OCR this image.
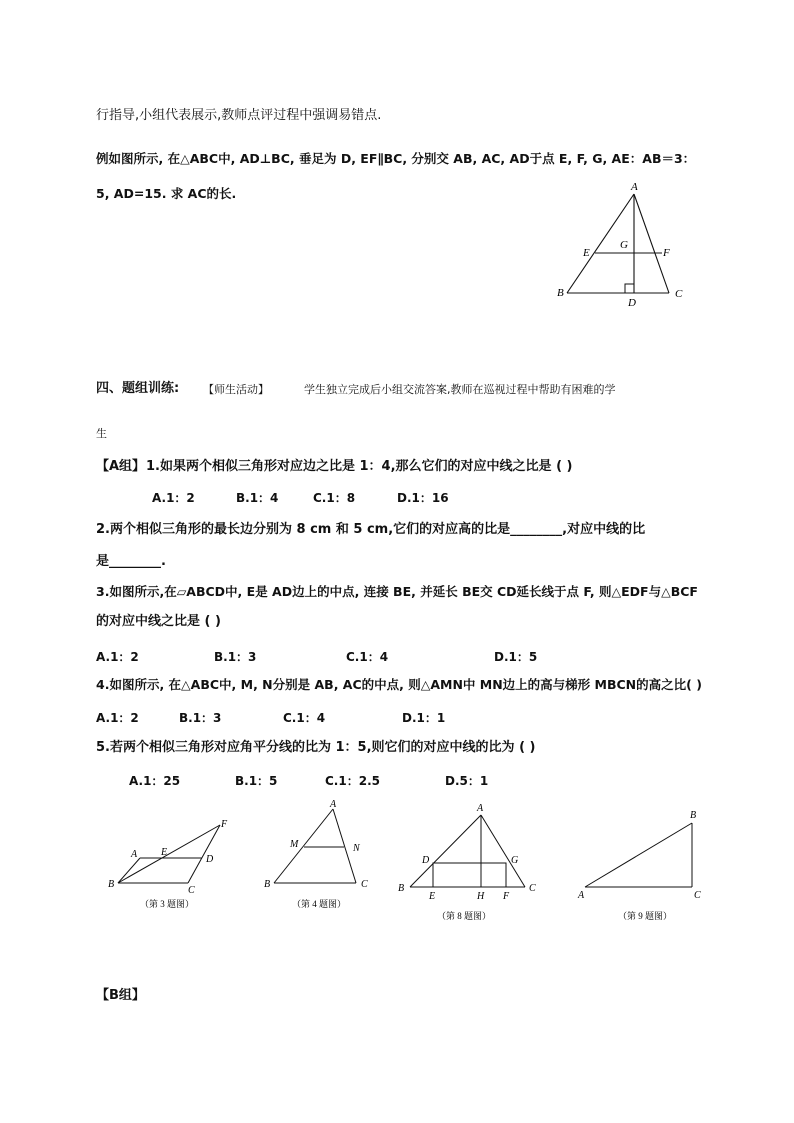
行指导,小组代表展示,教师点评过程中强调易错点.
例如图所示, 在△ABC中, AD⊥BC, 垂足为 D, EF∥BC, 分别交 AB, AC, AD于点 E, F, G, AE：AB＝3：
5, AD=15. 求 AC的长.	A
E
G
F
B	C
D
四、题组训练: 【师生活动】	学生独立完成后小组交流答案,教师在巡视过程中帮助有困难的学
生
【A组】 1.如果两个相似三角形对应边之比是 1：4,那么它们的对应中线之比是 ( )
A.1：2	B.1：4	C.1：8	D.1：16
2.两个相似三角形的最长边分别为 8 cm 和 5 cm,它们的对应高的比是________,对应中线的比
是________.
3.如图所示,在▱ABCD中, E是 AD边上的中点, 连接 BE, 并延长 BE交 CD延长线于点 F, 则△EDF与△BCF
的对应中线之比是 ( )
A.1：2	B.1：3	C.1：4	D.1：5
4.如图所示, 在△ABC中, M, N分别是 AB, AC的中点, 则△AMN中 MN边上的高与梯形 MBCN的高之比( )
A.1：2	B.1：3	C.1：4	D.1：1
5.若两个相似三角形对应角平分线的比为 1：5,则它们的对应中线的比为 ( )
A.1：25	B.1：5	C.1：2.5	D.5：1
A E
F
D
B
C
（第 3 题图）
A
M	N
B	C
（第 4 题图）
A
D	G
B
E	H F
C
（第 8 题图）
B
A	C
（第 9 题图）
【B组】
